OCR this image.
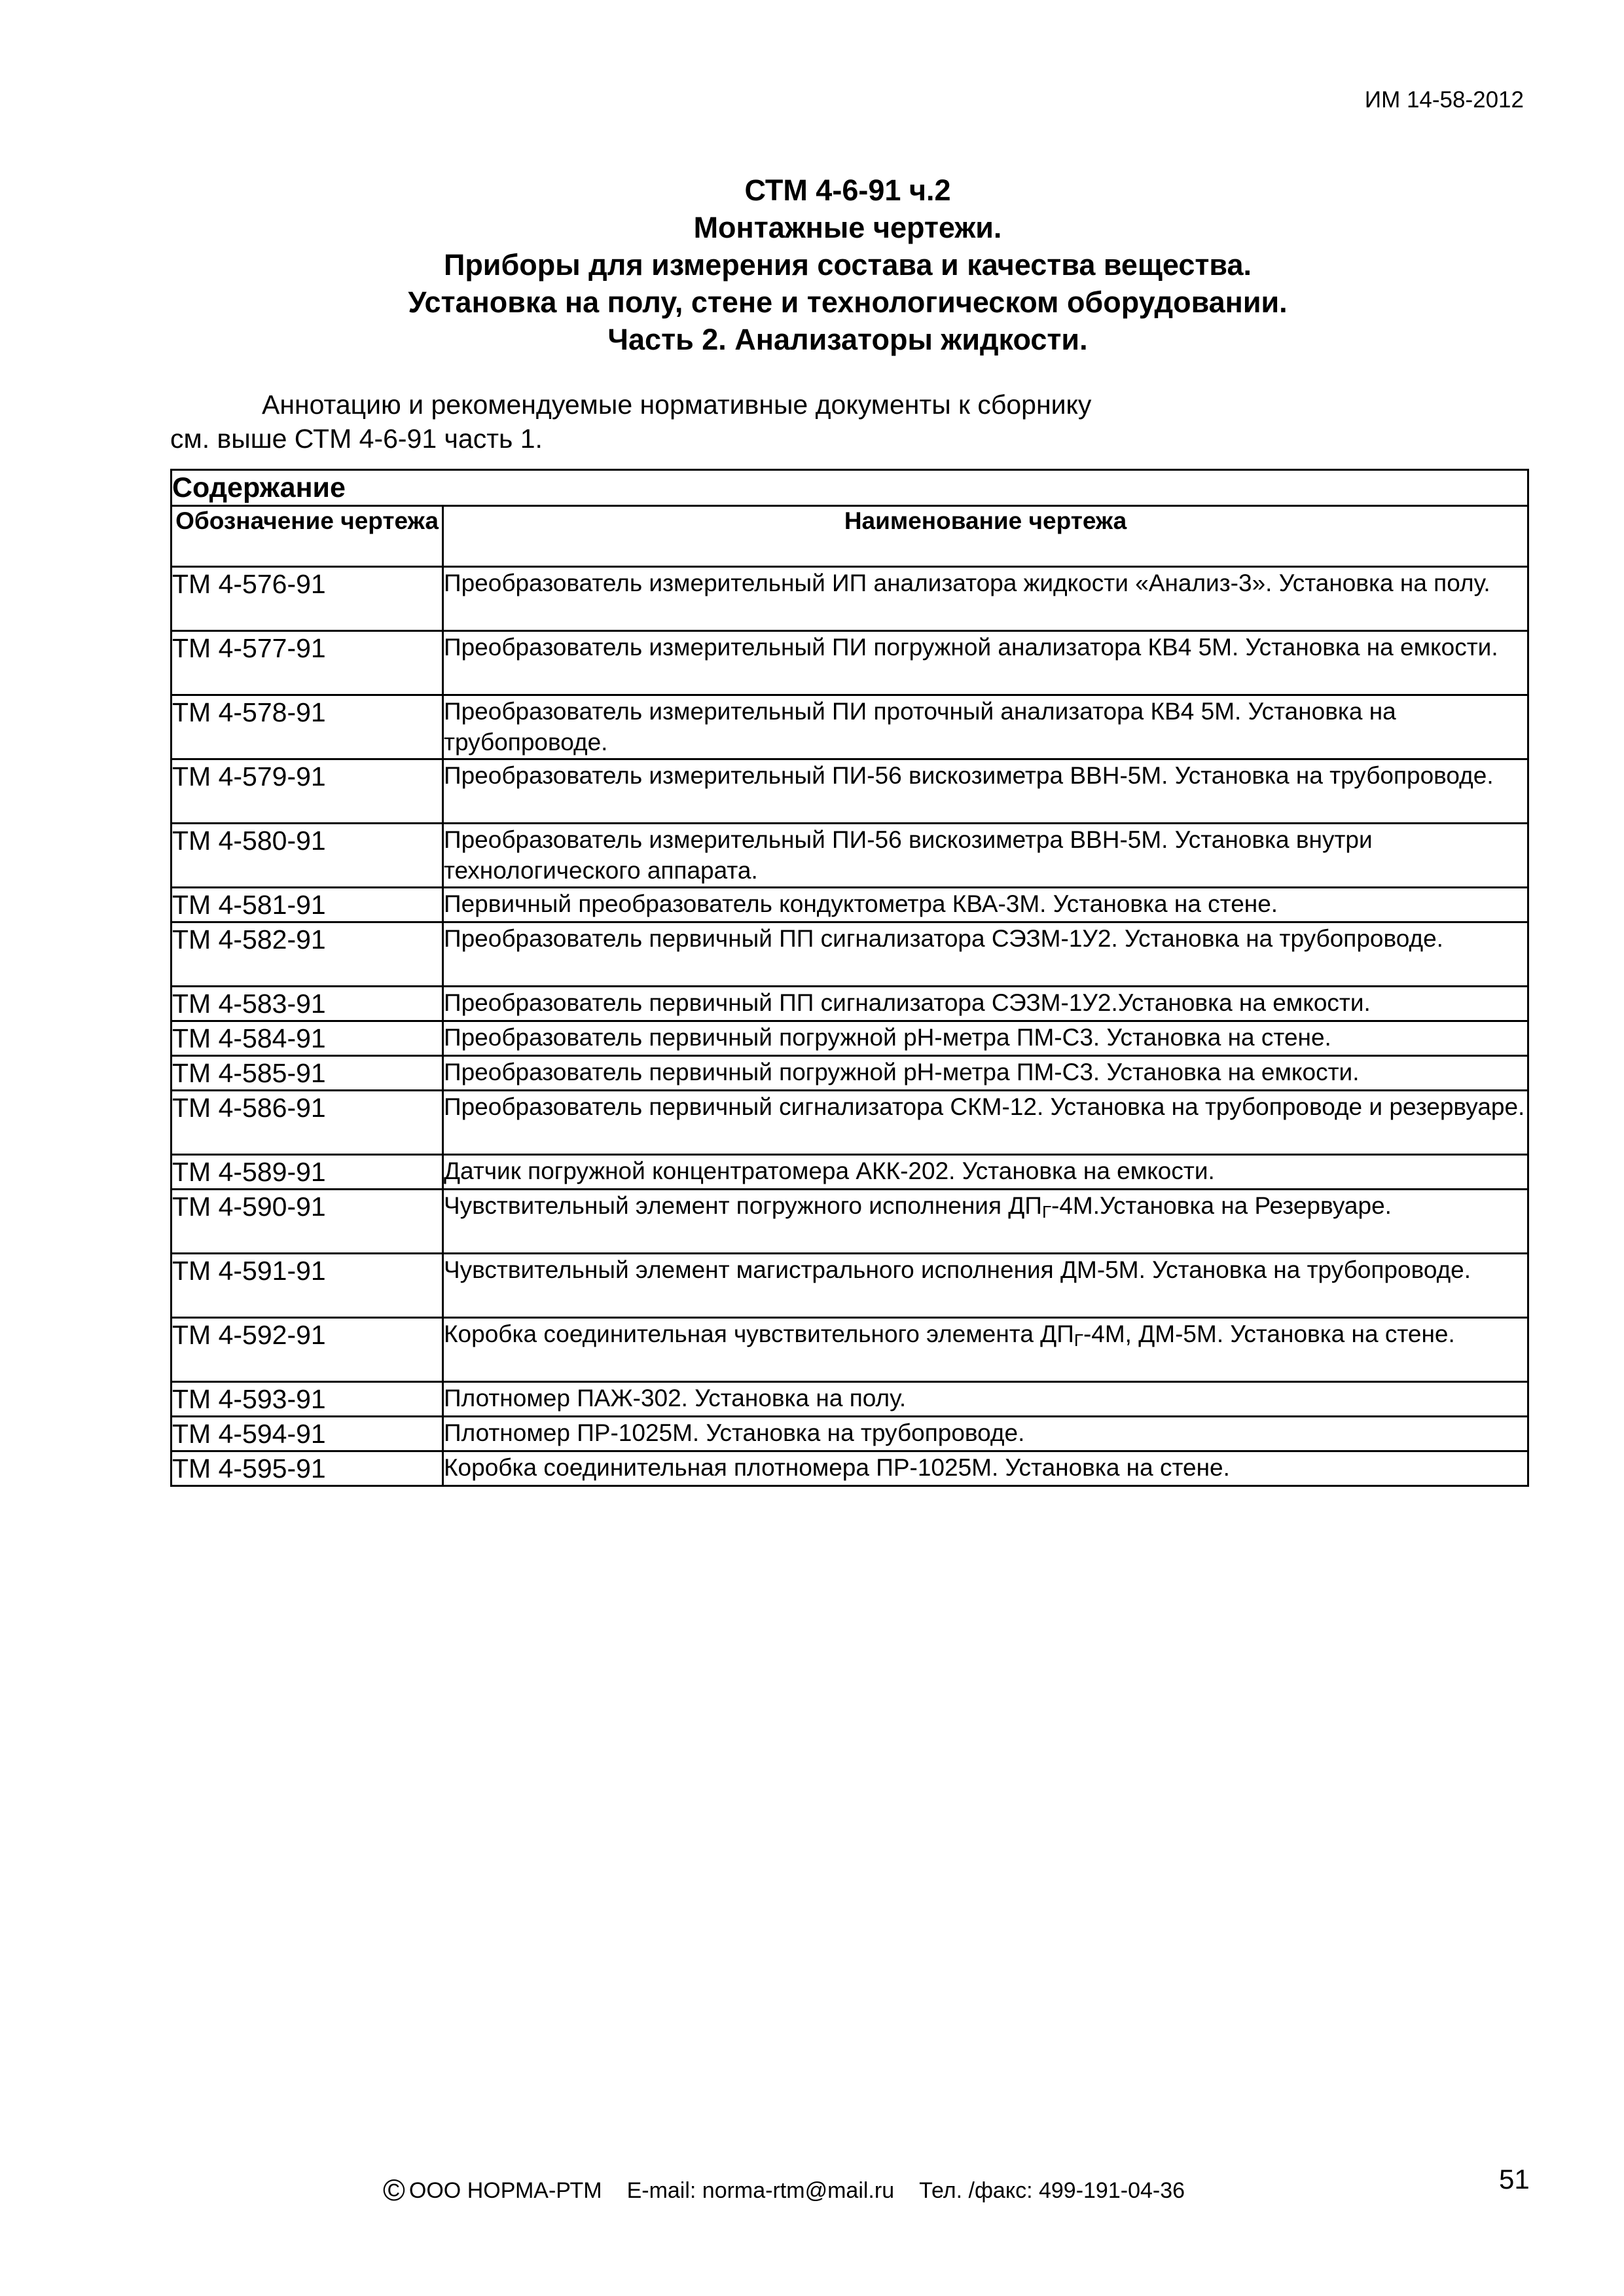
ИМ 14-58-2012
СТМ 4-6-91 ч.2
Монтажные чертежи.
Приборы для измерения состава и качества вещества.
Установка на полу, стене и технологическом оборудовании.
Часть 2. Анализаторы жидкости.
Аннотацию и рекомендуемые нормативные документы к сборнику
см. выше СТМ 4-6-91 часть 1.
Содержание	
Обозначение чертежа	Наименование чертежа
ТМ 4-576-91	Преобразователь измерительный ИП анализатора жидкости «Анализ-3». Установка на полу.
ТМ 4-577-91	Преобразователь измерительный ПИ погружной анализатора КВ4 5М. Установка на емкости.
ТМ 4-578-91	Преобразователь измерительный ПИ проточный анализатора КВ4 5М. Установка на трубопроводе.
ТМ 4-579-91	Преобразователь измерительный ПИ-56 вискозиметра ВВН-5М. Установка на трубопроводе.
ТМ 4-580-91	Преобразователь измерительный ПИ-56 вискозиметра ВВН-5М. Установка внутри технологического аппарата.
ТМ 4-581-91	Первичный преобразователь кондуктометра КВА-3М. Установка на стене.
ТМ 4-582-91	Преобразователь первичный ПП сигнализатора СЭЗМ-1У2. Установка на трубопроводе.
ТМ 4-583-91	Преобразователь первичный ПП сигнализатора СЭЗМ-1У2.Установка на емкости.
ТМ 4-584-91	Преобразователь первичный погружной pH-метра ПМ-С3. Установка на стене.
ТМ 4-585-91	Преобразователь первичный погружной pH-метра ПМ-С3. Установка на емкости.
ТМ 4-586-91	Преобразователь первичный сигнализатора СКМ-12. Установка на трубопроводе и резервуаре.
ТМ 4-589-91	Датчик погружной концентратомера АКК-202. Установка на емкости.
ТМ 4-590-91	Чувствительный элемент погружного исполнения $ДП_Г-4М.Установка$ на Резервуаре.
ТМ 4-591-91	Чувствительный элемент магистрального исполнения ДМ-5М. Установка на трубопроводе.
ТМ 4-592-91	Коробка соединительная чувствительного элемента $ДП_Г-4М$, ДМ-5М. Установка на стене.
ТМ 4-593-91	Плотномер ПАЖ-302. Установка на полу.
ТМ 4-594-91	Плотномер ПР-1025М. Установка на трубопроводе.
ТМ 4-595-91	Коробка соединительная плотномера ПР-1025М. Установка на стене.
© ООО НОРМА-РТМ E-mail: norma-rtm@mail.ru Тел. /факс: 499-191-04-36	51
